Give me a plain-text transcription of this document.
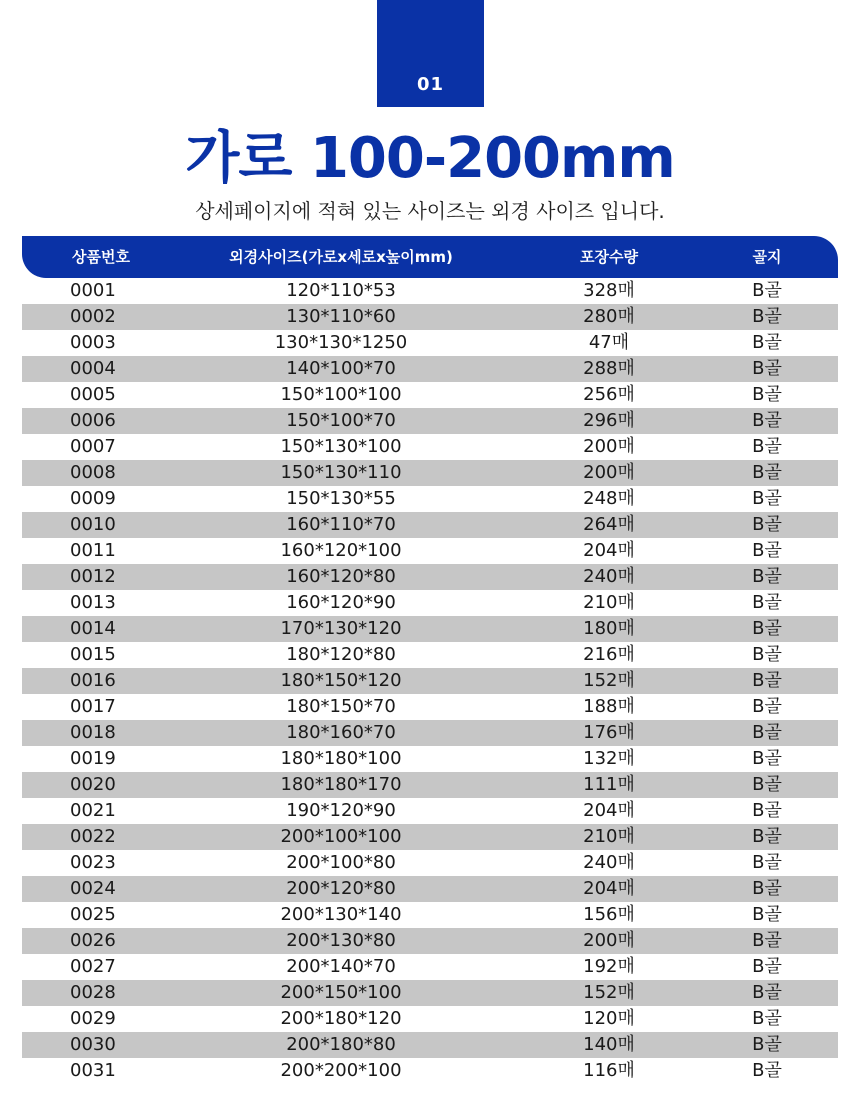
01
가로 100-200mm
상세페이지에 적혀 있는 사이즈는 외경 사이즈 입니다.
상품번호	외경사이즈(가로x세로x높이mm)	포장수량	골지
0001	120*110*53	328매	B골
0002	130*110*60	280매	B골
0003	130*130*1250	47매	B골
0004	140*100*70	288매	B골
0005	150*100*100	256매	B골
0006	150*100*70	296매	B골
0007	150*130*100	200매	B골
0008	150*130*110	200매	B골
0009	150*130*55	248매	B골
0010	160*110*70	264매	B골
0011	160*120*100	204매	B골
0012	160*120*80	240매	B골
0013	160*120*90	210매	B골
0014	170*130*120	180매	B골
0015	180*120*80	216매	B골
0016	180*150*120	152매	B골
0017	180*150*70	188매	B골
0018	180*160*70	176매	B골
0019	180*180*100	132매	B골
0020	180*180*170	111매	B골
0021	190*120*90	204매	B골
0022	200*100*100	210매	B골
0023	200*100*80	240매	B골
0024	200*120*80	204매	B골
0025	200*130*140	156매	B골
0026	200*130*80	200매	B골
0027	200*140*70	192매	B골
0028	200*150*100	152매	B골
0029	200*180*120	120매	B골
0030	200*180*80	140매	B골
0031	200*200*100	116매	B골
